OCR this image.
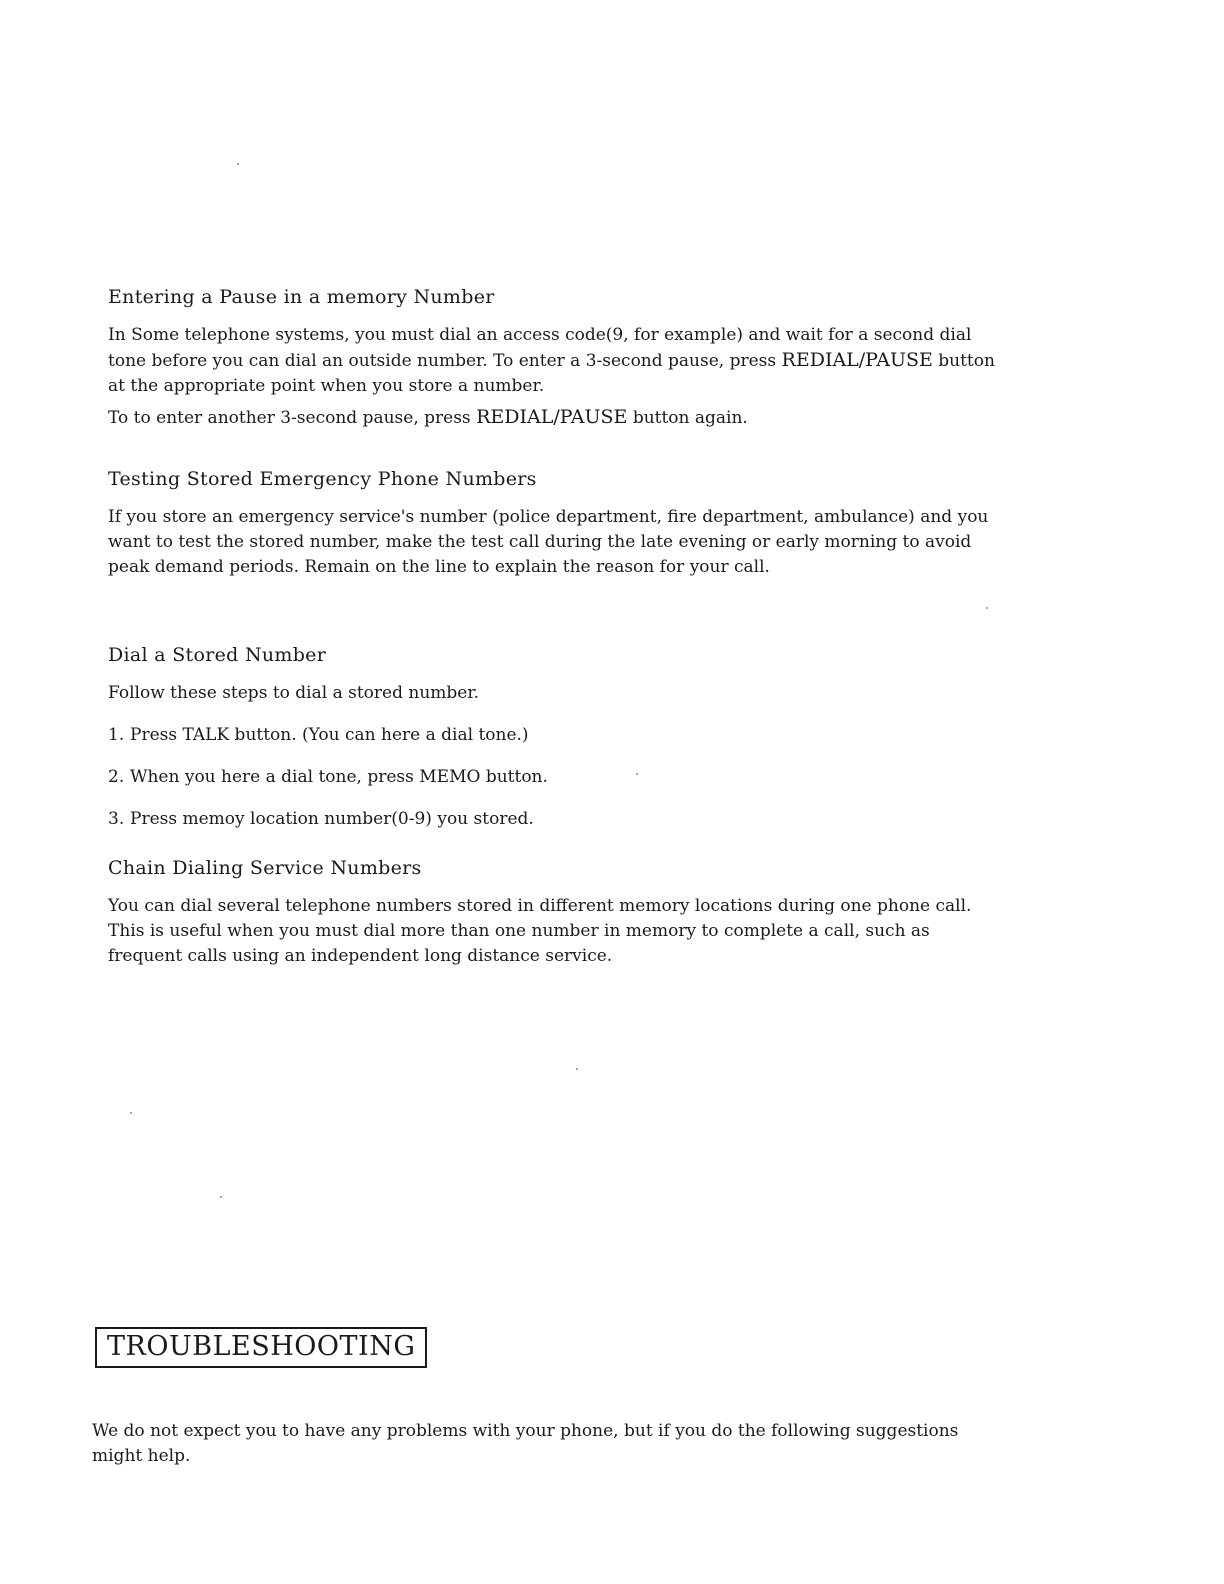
Entering a Pause in a memory Number

In Some telephone systems, you must dial an access code(9, for example) and wait for a second dial tone before you can dial an outside number. To enter a 3-second pause, press REDIAL/PAUSE button at the appropriate point when you store a number.

To to enter another 3-second pause, press REDIAL/PAUSE button again.

Testing Stored Emergency Phone Numbers

If you store an emergency service's number (police department, fire department, ambulance) and you want to test the stored number, make the test call during the late evening or early morning to avoid peak demand periods. Remain on the line to explain the reason for your call.

Dial a Stored Number

Follow these steps to dial a stored number.

1. Press TALK button. (You can here a dial tone.)

2. When you here a dial tone, press MEMO button.

3. Press memoy location number(0-9) you stored.

Chain Dialing Service Numbers

You can dial several telephone numbers stored in different memory locations during one phone call. This is useful when you must dial more than one number in memory to complete a call, such as frequent calls using an independent long distance service.

TROUBLESHOOTING

We do not expect you to have any problems with your phone, but if you do the following suggestions might help.
